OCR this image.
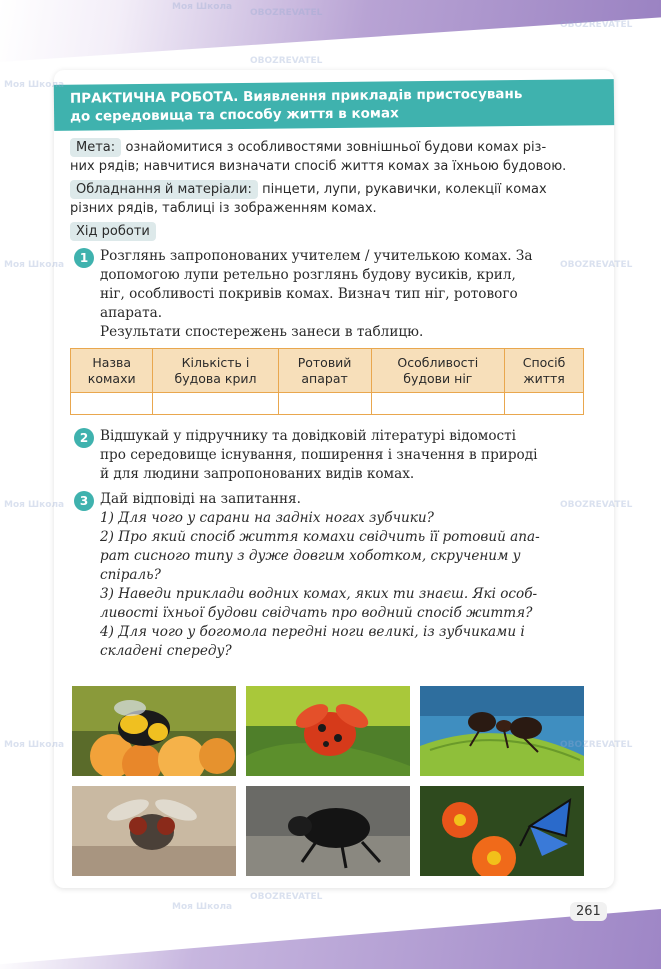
ПРАКТИЧНА РОБОТА. Виявлення прикладів пристосувань
до середовища та способу життя в комах
Мета: ознайомитися з особливостями зовнішньої будови комах різ-
них рядів; навчитися визначати спосіб життя комах за їхньою будовою.
Обладнання й матеріали: пінцети, лупи, рукавички, колекції комах
різних рядів, таблиці із зображенням комах.
Хід роботи
1 Розглянь запропонованих учителем / учителькою комах. За
допомогою лупи ретельно розглянь будову вусиків, крил,
ніг, особливості покривів комах. Визнач тип ніг, ротового
апарата.
Результати спостережень занеси в таблицю.
Назва комахи	Кількість і будова крил	Ротовий апарат	Особливості будови ніг	Спосіб життя

2 Відшукай у підручнику та довідковій літературі відомості
про середовище існування, поширення і значення в природі
й для людини запропонованих видів комах.
3 Дай відповіді на запитання.
1) Для чого у сарани на задніх ногах зубчики?
2) Про який спосіб життя комахи свідчить її ротовий апа-
рат сисного типу з дуже довгим хоботком, скрученим у
спіраль?
3) Наведи приклади водних комах, яких ти знаєш. Які особ-
ливості їхньої будови свідчать про водний спосіб життя?
4) Для чого у богомола передні ноги великі, із зубчиками і
складені спереду?
261
Моя Школа
OBOZREVATEL
Моя Школа
OBOZREVATEL
OBOZREVATEL
Моя Школа	OBOZREVATEL
Моя Школа	OBOZREVATEL
Моя Школа	OBOZREVATEL
Моя Школа
OBOZREVATEL
